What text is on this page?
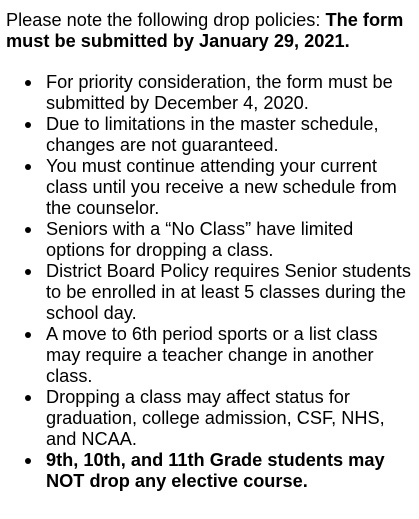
Please note the following drop policies: The form must be submitted by January 29, 2021.

For priority consideration, the form must be submitted by December 4, 2020.
Due to limitations in the master schedule, changes are not guaranteed.
You must continue attending your current class until you receive a new schedule from the counselor.
Seniors with a “No Class” have limited options for dropping a class.
District Board Policy requires Senior students to be enrolled in at least 5 classes during the school day.
A move to 6th period sports or a list class may require a teacher change in another class.
Dropping a class may affect status for graduation, college admission, CSF, NHS, and NCAA.
9th, 10th, and 11th Grade students may NOT drop any elective course.
